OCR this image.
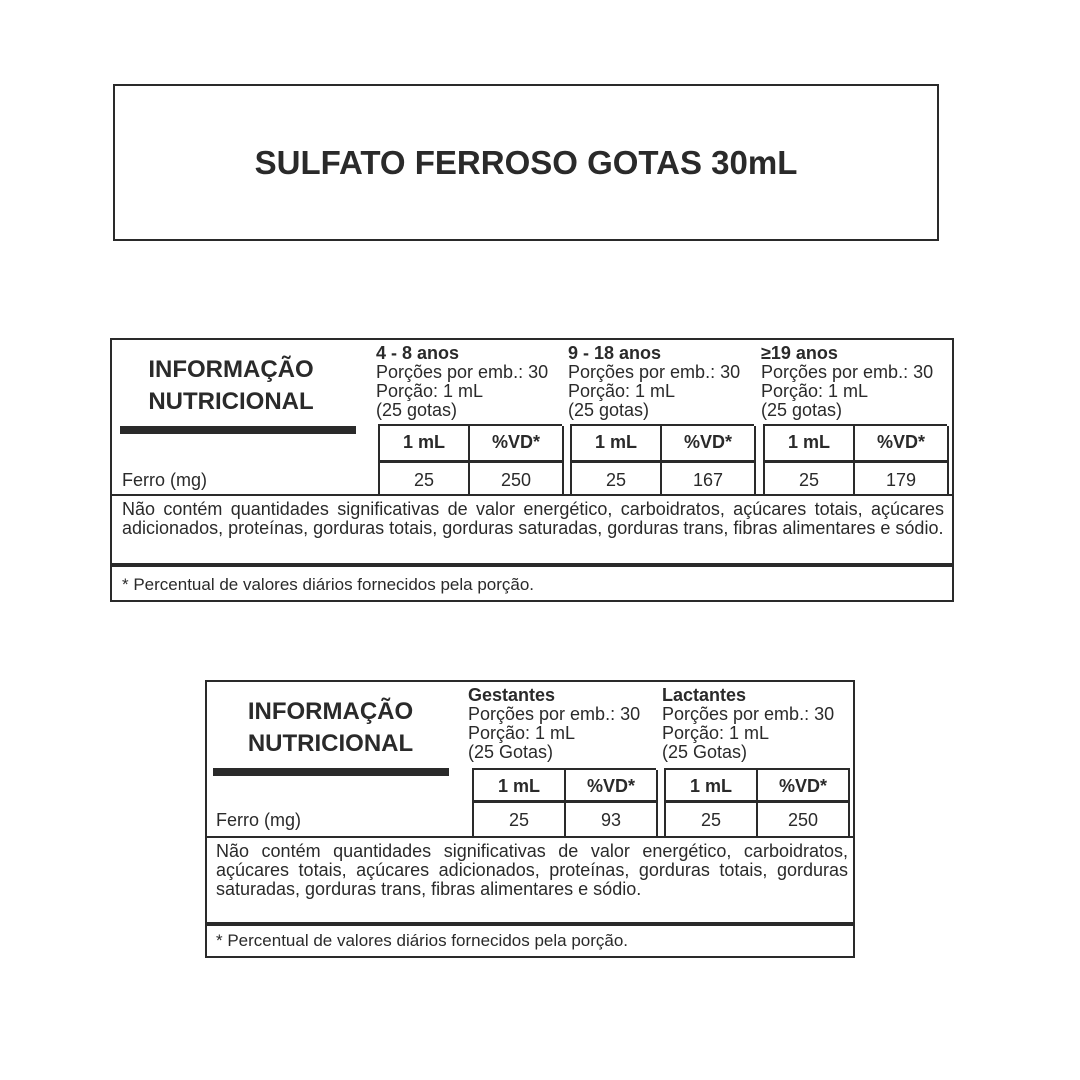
SULFATO FERROSO GOTAS 30mL
INFORMAÇÃO
NUTRICIONAL
4 - 8 anos
Porções por emb.: 30
Porção: 1 mL
(25 gotas)
9 - 18 anos
Porções por emb.: 30
Porção: 1 mL
(25 gotas)
≥19 anos
Porções por emb.: 30
Porção: 1 mL
(25 gotas)
1 mL	%VD*	1 mL	%VD*	1 mL	%VD*
Ferro (mg)	25	250	25	167	25	179
Não contém quantidades significativas de valor energético, carboidratos, açúcares totais, açúcares adicionados, proteínas, gorduras totais, gorduras saturadas, gorduras trans, fibras alimentares e sódio.
* Percentual de valores diários fornecidos pela porção.
INFORMAÇÃO
NUTRICIONAL
Gestantes
Porções por emb.: 30
Porção: 1 mL
(25 Gotas)
Lactantes
Porções por emb.: 30
Porção: 1 mL
(25 Gotas)
1 mL	%VD*	1 mL	%VD*
Ferro (mg)	25	93	25	250
Não contém quantidades significativas de valor energético, carboidratos, açúcares totais, açúcares adicionados, proteínas, gorduras totais, gorduras saturadas, gorduras trans, fibras alimentares e sódio.
* Percentual de valores diários fornecidos pela porção.
